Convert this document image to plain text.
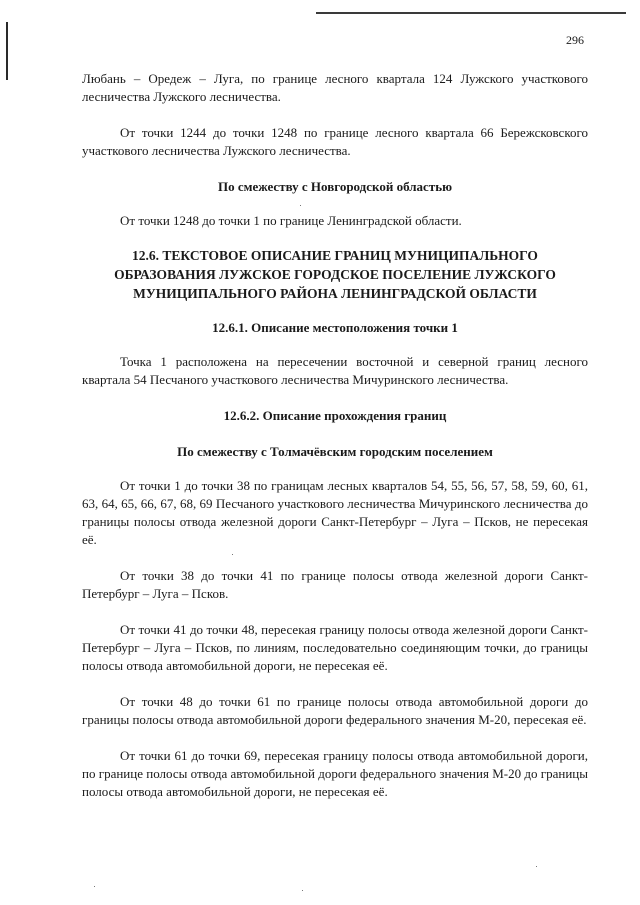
296

Любань – Оредеж – Луга, по границе лесного квартала 124 Лужского участкового лесничества Лужского лесничества.

От точки 1244 до точки 1248 по границе лесного квартала 66 Бережсковского участкового лесничества Лужского лесничества.

По смежеству с Новгородской областью

От точки 1248 до точки 1 по границе Ленинградской области.

12.6. ТЕКСТОВОЕ ОПИСАНИЕ ГРАНИЦ МУНИЦИПАЛЬНОГО ОБРАЗОВАНИЯ ЛУЖСКОЕ ГОРОДСКОЕ ПОСЕЛЕНИЕ ЛУЖСКОГО МУНИЦИПАЛЬНОГО РАЙОНА ЛЕНИНГРАДСКОЙ ОБЛАСТИ

12.6.1. Описание местоположения точки 1

Точка 1 расположена на пересечении восточной и северной границ лесного квартала 54 Песчаного участкового лесничества Мичуринского лесничества.

12.6.2. Описание прохождения границ

По смежеству с Толмачёвским городским поселением

От точки 1 до точки 38 по границам лесных кварталов 54, 55, 56, 57, 58, 59, 60, 61, 63, 64, 65, 66, 67, 68, 69 Песчаного участкового лесничества Мичуринского лесничества до границы полосы отвода железной дороги Санкт-Петербург – Луга – Псков, не пересекая её.

От точки 38 до точки 41 по границе полосы отвода железной дороги Санкт-Петербург – Луга – Псков.

От точки 41 до точки 48, пересекая границу полосы отвода железной дороги Санкт-Петербург – Луга – Псков, по линиям, последовательно соединяющим точки, до границы полосы отвода автомобильной дороги, не пересекая её.

От точки 48 до точки 61 по границе полосы отвода автомобильной дороги до границы полосы отвода автомобильной дороги федерального значения М-20, пересекая её.

От точки 61 до точки 69, пересекая границу полосы отвода автомобильной дороги, по границе полосы отвода автомобильной дороги федерального значения М-20 до границы полосы отвода автомобильной дороги, не пересекая её.
